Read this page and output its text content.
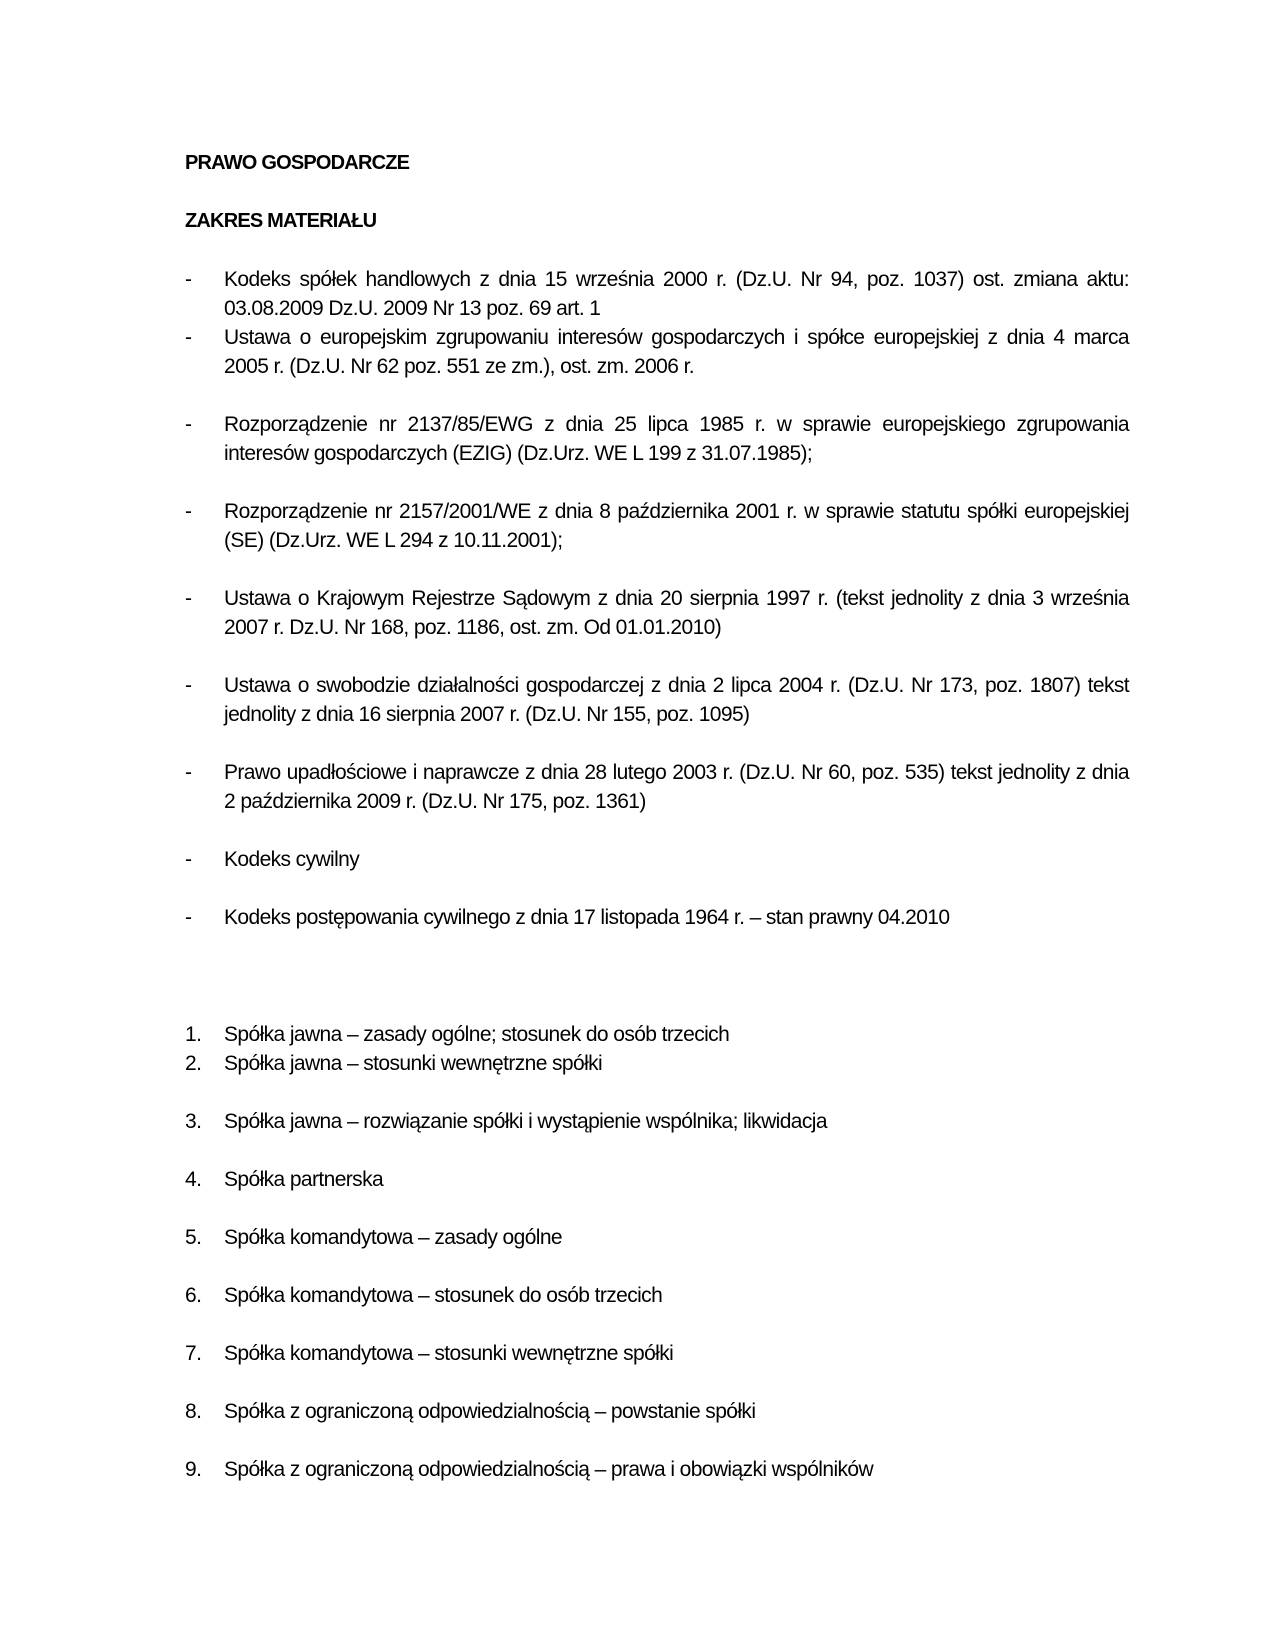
PRAWO GOSPODARCZE
ZAKRES MATERIAŁU
-	Kodeks spółek handlowych z dnia 15 września 2000 r. (Dz.U. Nr 94, poz. 1037) ost. zmiana aktu: 03.08.2009 Dz.U. 2009 Nr 13 poz. 69 art. 1
-	Ustawa o europejskim zgrupowaniu interesów gospodarczych i spółce europejskiej z dnia 4 marca 2005 r. (Dz.U. Nr 62 poz. 551 ze zm.), ost. zm. 2006 r.
-	Rozporządzenie nr 2137/85/EWG z dnia 25 lipca 1985 r. w sprawie europejskiego zgrupowania interesów gospodarczych (EZIG) (Dz.Urz. WE L 199 z 31.07.1985);
-	Rozporządzenie nr 2157/2001/WE z dnia 8 października 2001 r. w sprawie statutu spółki europejskiej (SE) (Dz.Urz. WE L 294 z 10.11.2001);
-	Ustawa o Krajowym Rejestrze Sądowym z dnia 20 sierpnia 1997 r. (tekst jednolity z dnia 3 września 2007 r. Dz.U. Nr 168, poz. 1186, ost. zm. Od 01.01.2010)
-	Ustawa o swobodzie działalności gospodarczej z dnia 2 lipca 2004 r. (Dz.U. Nr 173, poz. 1807) tekst jednolity z dnia 16 sierpnia 2007 r. (Dz.U. Nr 155, poz. 1095)
-	Prawo upadłościowe i naprawcze z dnia 28 lutego 2003 r. (Dz.U. Nr 60, poz. 535) tekst jednolity z dnia 2 października 2009 r. (Dz.U. Nr 175, poz. 1361)
-	Kodeks cywilny
-	Kodeks postępowania cywilnego z dnia 17 listopada 1964 r. – stan prawny 04.2010
1.	Spółka jawna – zasady ogólne; stosunek do osób trzecich
2.	Spółka jawna – stosunki wewnętrzne spółki
3.	Spółka jawna – rozwiązanie spółki i wystąpienie wspólnika; likwidacja
4.	Spółka partnerska
5.	Spółka komandytowa – zasady ogólne
6.	Spółka komandytowa – stosunek do osób trzecich
7.	Spółka komandytowa – stosunki wewnętrzne spółki
8.	Spółka z ograniczoną odpowiedzialnością – powstanie spółki
9.	Spółka z ograniczoną odpowiedzialnością – prawa i obowiązki wspólników
